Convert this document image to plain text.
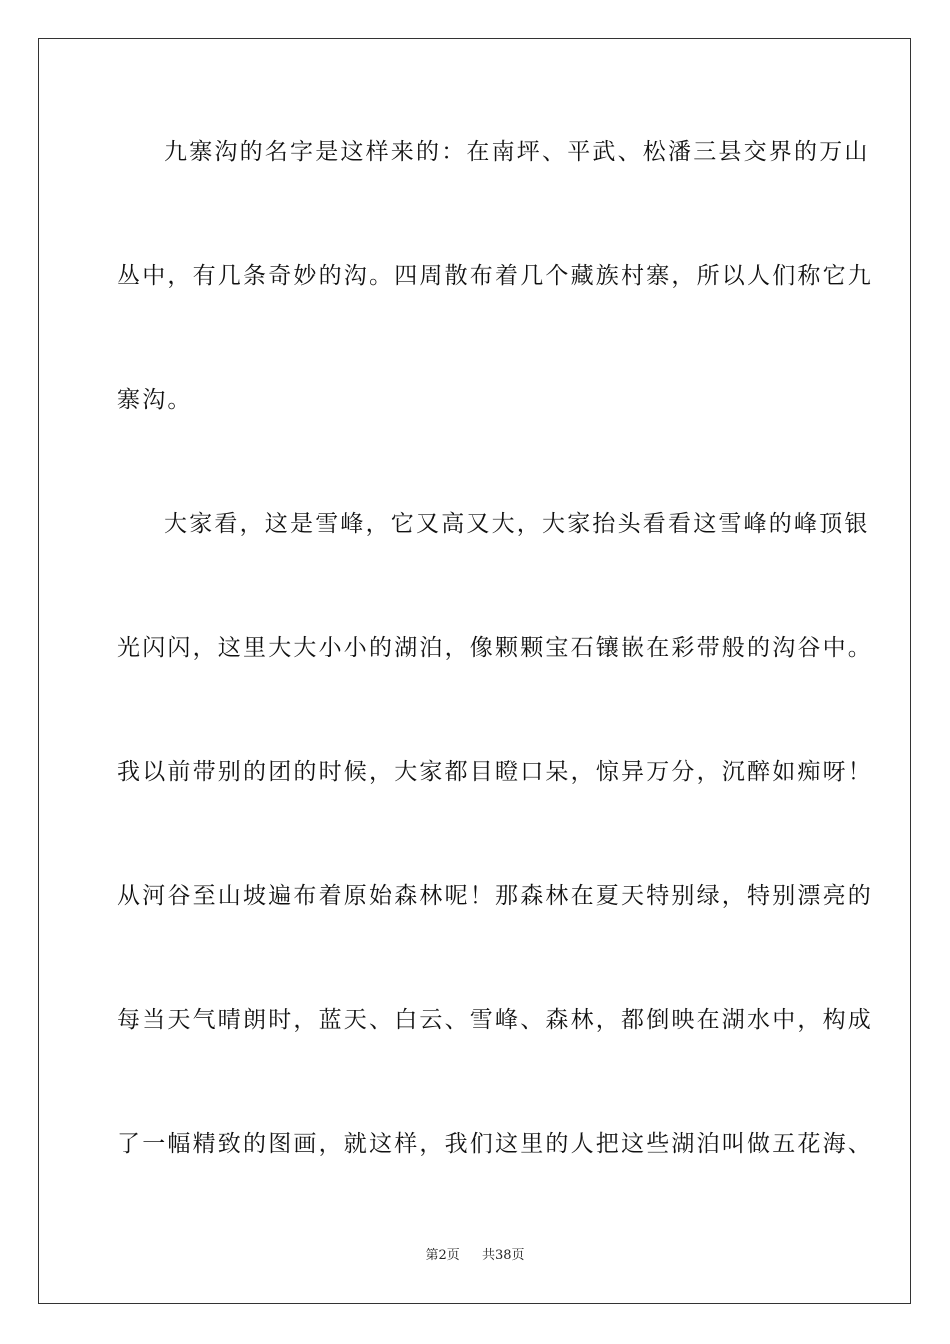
九寨沟的名字是这样来的：在南坪、平武、松潘三县交界的万山
丛中，有几条奇妙的沟。四周散布着几个藏族村寨，所以人们称它九
寨沟。
大家看，这是雪峰，它又高又大，大家抬头看看这雪峰的峰顶银
光闪闪，这里大大小小的湖泊，像颗颗宝石镶嵌在彩带般的沟谷中。
我以前带别的团的时候，大家都目瞪口呆，惊异万分，沉醉如痴呀！
从河谷至山坡遍布着原始森林呢！那森林在夏天特别绿，特别漂亮的
每当天气晴朗时，蓝天、白云、雪峰、森林，都倒映在湖水中，构成
了一幅精致的图画，就这样，我们这里的人把这些湖泊叫做五花海、
第2页 共38页
